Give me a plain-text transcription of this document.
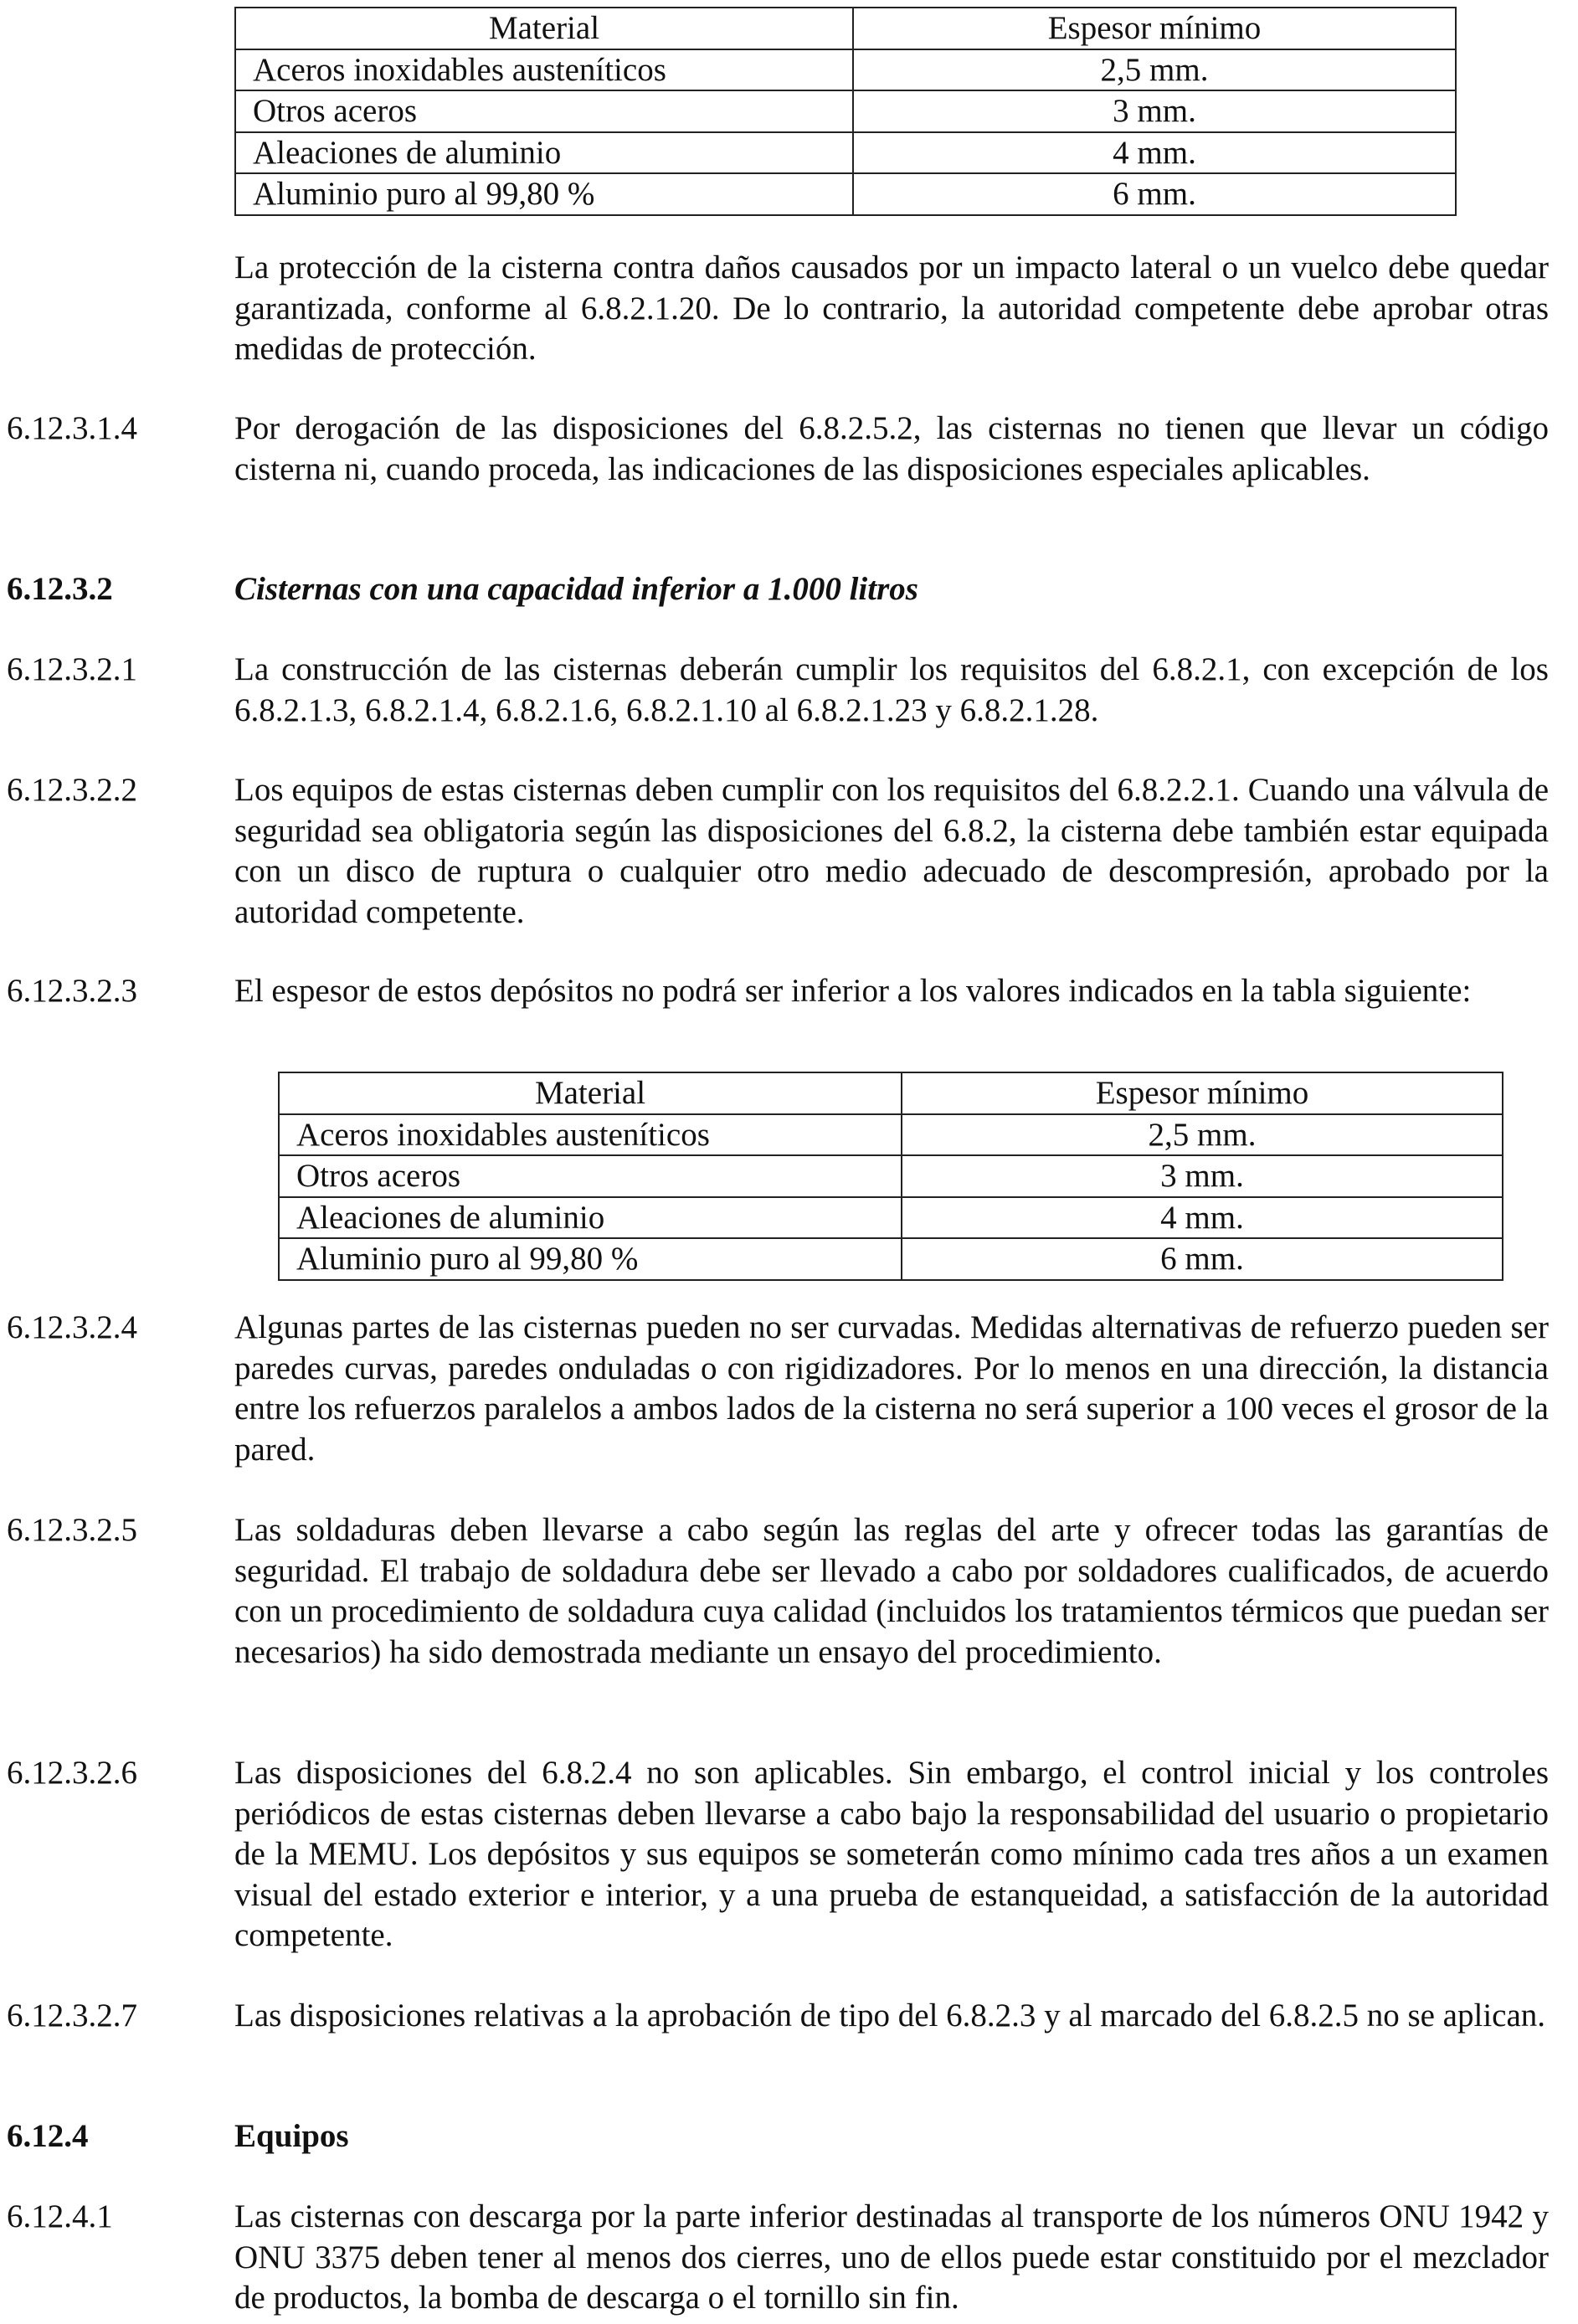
Material	Espesor mínimo
Aceros inoxidables austeníticos	2,5 mm.
Otros aceros	3 mm.
Aleaciones de aluminio	4 mm.
Aluminio puro al 99,80 %	6 mm.
La protección de la cisterna contra daños causados por un impacto lateral o un vuelco debe quedar garantizada, conforme al 6.8.2.1.20. De lo contrario, la autoridad competente debe aprobar otras medidas de protección.
6.12.3.1.4	Por derogación de las disposiciones del 6.8.2.5.2, las cisternas no tienen que llevar un código cisterna ni, cuando proceda, las indicaciones de las disposiciones especiales aplicables.
6.12.3.2	Cisternas con una capacidad inferior a 1.000 litros
6.12.3.2.1	La construcción de las cisternas deberán cumplir los requisitos del 6.8.2.1, con excepción de los 6.8.2.1.3, 6.8.2.1.4, 6.8.2.1.6, 6.8.2.1.10 al 6.8.2.1.23 y 6.8.2.1.28.
6.12.3.2.2	Los equipos de estas cisternas deben cumplir con los requisitos del 6.8.2.2.1. Cuando una válvula de seguridad sea obligatoria según las disposiciones del 6.8.2, la cisterna debe también estar equipada con un disco de ruptura o cualquier otro medio adecuado de descompresión, aprobado por la autoridad competente.
6.12.3.2.3	El espesor de estos depósitos no podrá ser inferior a los valores indicados en la tabla siguiente:
Material	Espesor mínimo
Aceros inoxidables austeníticos	2,5 mm.
Otros aceros	3 mm.
Aleaciones de aluminio	4 mm.
Aluminio puro al 99,80 %	6 mm.
6.12.3.2.4	Algunas partes de las cisternas pueden no ser curvadas. Medidas alternativas de refuerzo pueden ser paredes curvas, paredes onduladas o con rigidizadores. Por lo menos en una dirección, la distancia entre los refuerzos paralelos a ambos lados de la cisterna no será superior a 100 veces el grosor de la pared.
6.12.3.2.5	Las soldaduras deben llevarse a cabo según las reglas del arte y ofrecer todas las garantías de seguridad. El trabajo de soldadura debe ser llevado a cabo por soldadores cualificados, de acuerdo con un procedimiento de soldadura cuya calidad (incluidos los tratamientos térmicos que puedan ser necesarios) ha sido demostrada mediante un ensayo del procedimiento.
6.12.3.2.6	Las disposiciones del 6.8.2.4 no son aplicables. Sin embargo, el control inicial y los controles periódicos de estas cisternas deben llevarse a cabo bajo la responsabilidad del usuario o propietario de la MEMU. Los depósitos y sus equipos se someterán como mínimo cada tres años a un examen visual del estado exterior e interior, y a una prueba de estanqueidad, a satisfacción de la autoridad competente.
6.12.3.2.7	Las disposiciones relativas a la aprobación de tipo del 6.8.2.3 y al marcado del 6.8.2.5 no se aplican.
6.12.4	Equipos
6.12.4.1	Las cisternas con descarga por la parte inferior destinadas al transporte de los números ONU 1942 y ONU 3375 deben tener al menos dos cierres, uno de ellos puede estar constituido por el mezclador de productos, la bomba de descarga o el tornillo sin fin.
